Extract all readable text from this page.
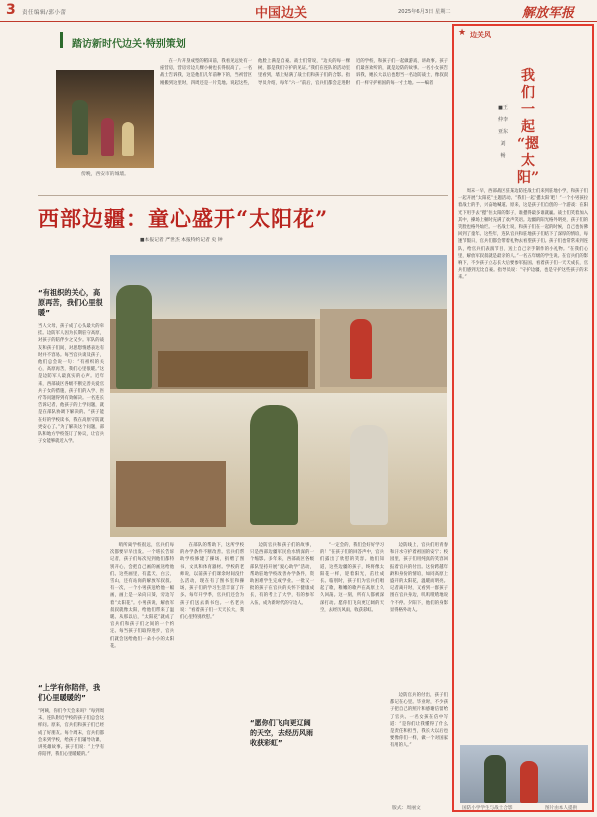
3 责任编辑/郭小蕾	中国边关	2025年6月3日 星期二	解放军报
踏访新时代边关·特别策划
傍晚，西安市的城墙。

在一片开垦成型的稻田前，我看见远处有一座营房，营房旁边几棵小树也长得很高了。一名战士告诉我，这是他们几年前种下的，当初营区刚搬到这里时，四周还是一片荒地。说起这些，他脸上满是自豪。战士们常说，“边关的每一棵树，都是我们守护的见证。”我们在连队的活动室里看到，墙上贴满了战士们和孩子们的合影。指导员介绍，每年“六一”前后，官兵们都会走进附近的学校，和孩子们一起做游戏、讲故事。孩子们最喜欢听的，就是边防的故事。一名小女孩告诉我，她长大以后也想当一名边防战士，像叔叔们一样守护祖国的每一寸土地。——编者

西部边疆：童心盛开“太阳花”
■本报记者 严世杰 本报特约记者 史 钟
“有祖织的关心，高原再苦，我们心里很暖”
当人父母，孩子成了心头最大的牵挂。边防军人因为长期驻守高原，对孩子的陪伴少之又少。军队的战友和孩子们间，对思想情感表达有时并不容易。每当官兵谈及孩子，他们总会说一句：“有祖织的关心，高原再苦，我们心里很暖。”这是边防军人最真实的心声。近年来，西部战区各级不断完善关爱官兵子女的措施，孩子们的入学、医疗等问题得到有效解决。一名连长告诉记者，他孩子的上学问题，就是在部队协调下解决的。“孩子能在好的学校读书，我在高原守防就更安心了。”为了解决这个问题，部队和地方学校签订了协议，让官兵子女能够就近入学。
“上学有你陪伴，我们心里暖暖的”
“阿姨，你们今天会来吗？”每到周末，连队附近学校的孩子们总会这样问。原来，官兵们和孩子们已经成了好朋友。每个周末，官兵们都会来到学校，给孩子们辅导功课、讲英雄故事。孩子们说：“上学有你陪伴，我们心里暖暖的。”
哨所离学校很远，官兵们每次都要早早出发。一个班长告诉记者，孩子们每次见到他们都特别开心，会把自己画的画送给他们。这些画里，有蓝天、白云、雪山，还有站岗的解放军叔叔。有一次，一个小男孩送给他一幅画，画上是一朵向日葵，旁边写着“太阳花”。小男孩说，解放军叔叔就像太阳，给他们带来了温暖。从那以后，“太阳花”就成了官兵们和孩子们之间的一个约定。每当孩子们取得进步，官兵们就会送给他们一朵小小的太阳花。
在部队的帮助下，这所学校的办学条件不断改善。官兵们帮助学校修建了操场，捐赠了图书、文具和体育器材。学校的老师说，以前孩子们课余时间没什么活动，现在有了图书室和操场，孩子们的学习生活丰富了许多。每年开学季，官兵们还会为孩子们送去新书包。一名老兵说：“看着孩子们一天天长大，我们心里特别欣慰。”
边防官兵和孩子们的故事，只是西部边疆军民鱼水情深的一个缩影。多年来，西部战区各级部队坚持开展“爱心助学”活动，帮助驻地学校改善办学条件，资助困难学生完成学业。一批又一批的孩子在官兵的关怀下健康成长，有的考上了大学，有的参军入伍，成为新时代的守边人。
“愿你们飞向更辽阔的天空，去经历风雨收获彩虹”
“一定会的，我们会好好学习的！”在孩子们的回答声中，官兵们露出了欣慰的笑容。他们知道，这些边疆的孩子，终将像太阳花一样，迎着阳光，茁壮成长。临别时，孩子们为官兵们唱起了歌，稚嫩的歌声在高原上久久回荡。这一刻，所有人都被深深打动。愿你们飞向更辽阔的天空，去经历风雨，收获彩虹。
边防线上，官兵们用青春和汗水守护着祖国的安宁；校园里，孩子们用纯真的笑容回报着官兵的付出。这份跨越年龄和身份的情谊，如同高原上盛开的太阳花，温暖而明亮。记者离开时，又看到一群孩子围在官兵身边，叽叽喳喳地说个不停。夕阳下，他们的身影显得格外动人。
边防官兵的付出，孩子们都记在心里。毕业时，不少孩子把自己的照片和感谢信留给了官兵。一名女孩在信中写道：“是你们让我懂得了什么是责任和担当，我长大以后也要像你们一样，做一个对国家有用的人。”
版式：周丽文
★ 边关风
我们
一起
“摁
太阳”
■王仲李亚东刘 畅
周末一早，西部战区驻某边防连战士们来到驻地小学，和孩子们一起开展“太阳花”主题活动。“我们一起‘摁太阳’吧！”一个小男孩拉着战士的手，兴奋地喊道。原来，这是孩子们自创的一个游戏：在阳光下用手去“摁”住太阳的影子，谁摁得最多谁就赢。战士们笑着加入其中，操场上顿时充满了欢声笑语。边疆的阳光格外明亮，孩子们的笑脸也格外灿烂。一名战士说，和孩子们在一起的时候，自己也仿佛回到了童年。这些年，连队官兵和驻地孩子们结下了深厚的情谊，每逢节假日，官兵们都会带着礼物去看望孩子们。孩子们也常常来到连队，给官兵们表演节目、送上自己亲手制作的小礼物。“在我们心里，解放军叔叔就是最亲的人。”一名五年级的学生说。在官兵们的影响下，不少孩子立志长大后要参军报国。看着孩子们一天天成长，官兵们感到无比自豪。指导员说：“守护边疆，也是守护这些孩子的未来。”
国防小学学生与战士合影	图片由本人提供
